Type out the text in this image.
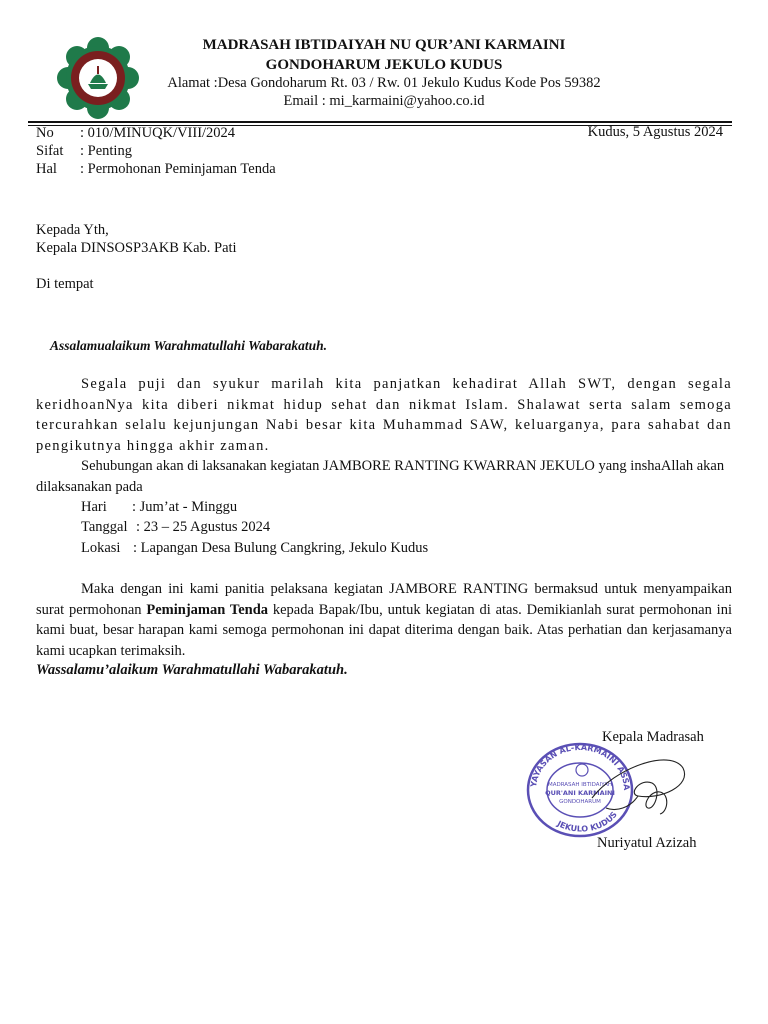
MADRASAH IBTIDAIYAH NU QUR’ANI KARMAINI
GONDOHARUM JEKULO KUDUS
Alamat :Desa Gondoharum Rt. 03 / Rw. 01 Jekulo Kudus Kode Pos 59382
Email : mi_karmaini@yahoo.co.id
No : 010/MINUQK/VIII/2024
Sifat : Penting
Hal : Permohonan Peminjaman Tenda
Kudus, 5 Agustus 2024
Kepada Yth,
Kepala DINSOSP3AKB Kab. Pati
Di tempat
Assalamualaikum Warahmatullahi Wabarakatuh.

Segala puji dan syukur marilah kita panjatkan kehadirat Allah SWT, dengan segala keridhoanNya kita diberi nikmat hidup sehat dan nikmat Islam. Shalawat serta salam semoga tercurahkan selalu kejunjungan Nabi besar kita Muhammad SAW, keluarganya, para sahabat dan pengikutnya hingga akhir zaman.

Sehubungan akan di laksanakan kegiatan JAMBORE RANTING KWARRAN JEKULO yang inshaAllah akan dilaksanakan pada

Hari : Jum’at - Minggu
Tanggal : 23 – 25 Agustus 2024
Lokasi : Lapangan Desa Bulung Cangkring, Jekulo Kudus

Maka dengan ini kami panitia pelaksana kegiatan JAMBORE RANTING bermaksud untuk menyampaikan surat permohonan Peminjaman Tenda kepada Bapak/Ibu, untuk kegiatan di atas. Demikianlah surat permohonan ini kami buat, besar harapan kami semoga permohonan ini dapat diterima dengan baik. Atas perhatian dan kerjasamanya kami ucapkan terimaksih.

Wassalamu’alaikum Warahmatullahi Wabarakatuh.
Kepala Madrasah
YAYASAN AL-KARMAINI ASSA
JEKULO KUDUS
MADRASAH IBTIDAIYAH
QUR'ANI KARMAINI
GONDOHARUM
Nuriyatul Azizah
